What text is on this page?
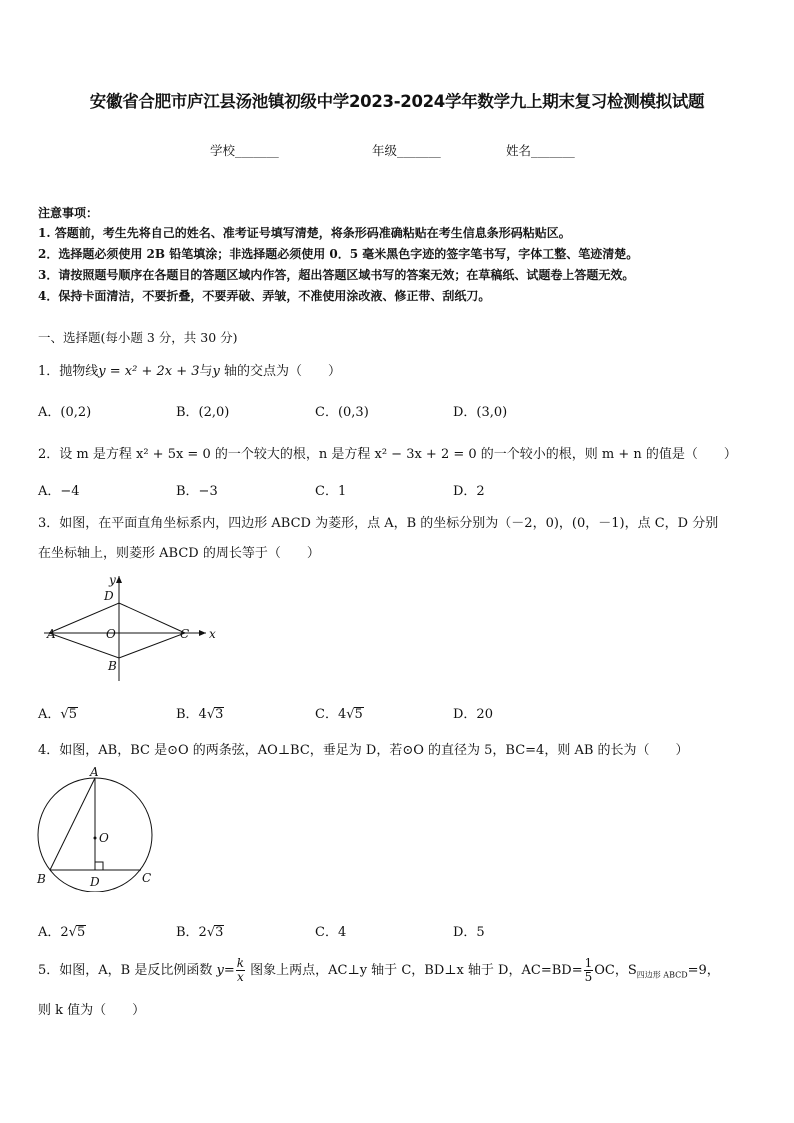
安徽省合肥市庐江县汤池镇初级中学2023-2024学年数学九上期末复习检测模拟试题
学校_______	年级_______	姓名_______
注意事项：
1. 答题前，考生先将自己的姓名、准考证号填写清楚，将条形码准确粘贴在考生信息条形码粘贴区。
2．选择题必须使用 2B 铅笔填涂；非选择题必须使用 0．5 毫米黑色字迹的签字笔书写，字体工整、笔迹清楚。
3．请按照题号顺序在各题目的答题区域内作答，超出答题区域书写的答案无效；在草稿纸、试题卷上答题无效。
4．保持卡面清洁，不要折叠，不要弄破、弄皱，不准使用涂改液、修正带、刮纸刀。
一、选择题(每小题 3 分，共 30 分)
1．抛物线y = x² + 2x + 3与y 轴的交点为（　　）
A．(0,2)	B．(2,0)	C．(0,3)	D．(3,0)
2．设 m 是方程 x² + 5x = 0 的一个较大的根，n 是方程 x² − 3x + 2 = 0 的一个较小的根，则 m + n 的值是（　　）
A．−4	B．−3	C．1	D．2
3．如图，在平面直角坐标系内，四边形 ABCD 为菱形，点 A，B 的坐标分别为（－2，0)，(0，－1)，点 C，D 分别
在坐标轴上，则菱形 ABCD 的周长等于（　　）
y
x
D
A	O	C
B
A．√5	B．4√3	C．4√5	D．20
4．如图，AB，BC 是⊙O 的两条弦，AO⊥BC，垂足为 D，若⊙O 的直径为 5，BC=4，则 AB 的长为（　　）
A
O
B	D	C
A．2√5	B．2√3	C．4	D．5
5．如图，A，B 是反比例函数 $y= \frac{k}{x}$ 图象上两点，AC⊥y 轴于 C，BD⊥x 轴于 D，$AC=BD= \frac{1}{5}$ OC，$S_{四边形 ABCD}=9$，
则 k 值为（　　）
